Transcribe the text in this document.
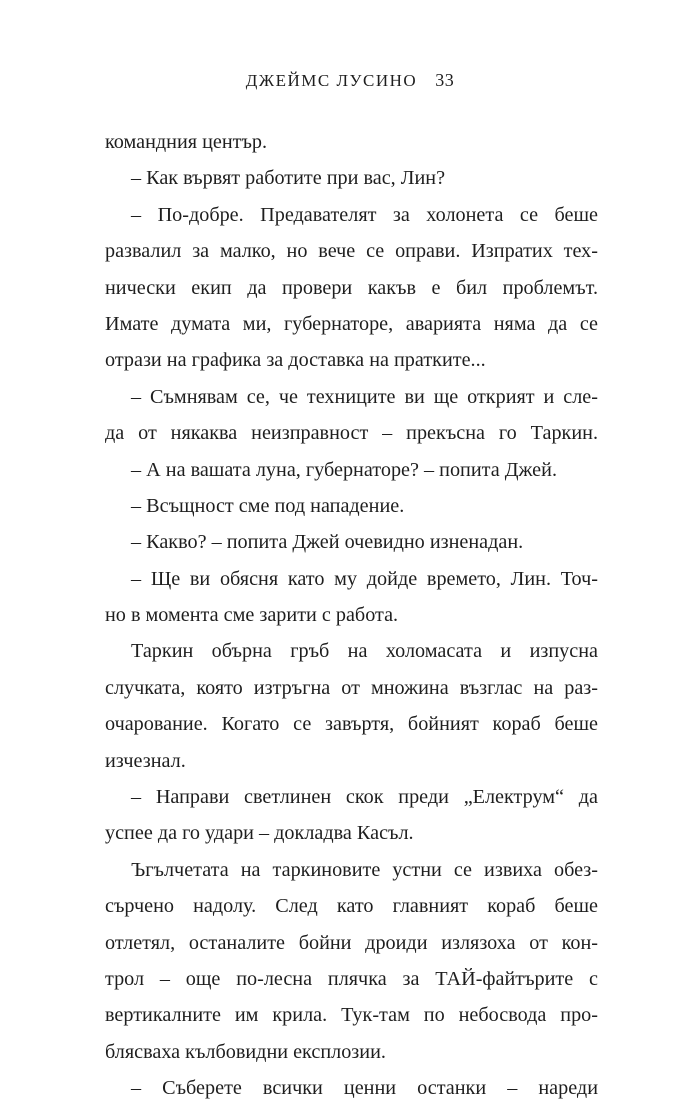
ДЖЕЙМС ЛУСИНО 33
командния център.
– Как вървят работите при вас, Лин?
– По-добре. Предавателят за холонета се беше
развалил за малко, но вече се оправи. Изпратих тех-
нически екип да провери какъв е бил проблемът.
Имате думата ми, губернаторе, аварията няма да се
отрази на графика за доставка на пратките...
– Съмнявам се, че техниците ви ще открият и сле-
да от някаква неизправност – прекъсна го Таркин.
– А на вашата луна, губернаторе? – попита Джей.
– Всъщност сме под нападение.
– Какво? – попита Джей очевидно изненадан.
– Ще ви обясня като му дойде времето, Лин. Точ-
но в момента сме зарити с работа.
Таркин обърна гръб на холомасата и изпусна
случката, която изтръгна от множина възглас на раз-
очарование. Когато се завъртя, бойният кораб беше
изчезнал.
– Направи светлинен скок преди „Електрум“ да
успее да го удари – докладва Касъл.
Ъгълчетата на таркиновите устни се извиха обез-
сърчено надолу. След като главният кораб беше
отлетял, останалите бойни дроиди излязоха от кон-
трол – още по-лесна плячка за ТАЙ-файтърите с
вертикалните им крила. Тук-там по небосвода про-
блясваха кълбовидни експлозии.
– Съберете всички ценни останки – нареди
